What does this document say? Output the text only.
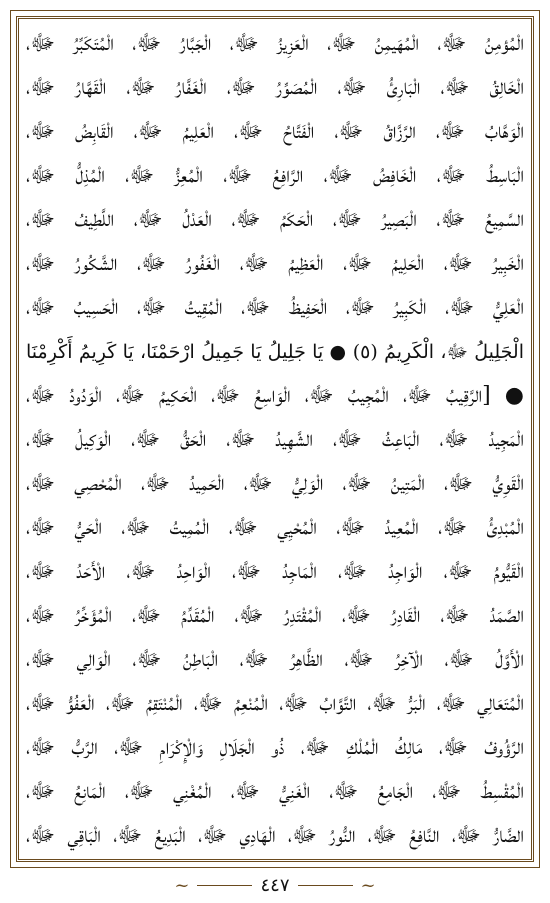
الْمُؤمِنُ ﷻ، الْمُهَيمِنُ ﷻ، الْعَزِيزُ ﷻ، الْجَبَّارُ ﷻ، الْمُتَكَبِّرُ ﷻ،
الْخَالِقُ ﷻ، الْبَارِئُ ﷻ، الْمُصَوِّرُ ﷻ، الْغَفَّارُ ﷻ، الْقَهَّارُ ﷻ،
الْوَهَّابُ ﷻ، الرَّزَّاقُ ﷻ، الْفَتَّاحُ ﷻ، الْعَلِيمُ ﷻ، الْقَابِضُ ﷻ،
الْبَاسِطُ ﷻ، الْخَافِضُ ﷻ، الرَّافِعُ ﷻ، الْمُعِزُّ ﷻ، الْمُذِلُّ ﷻ،
السَّمِيعُ ﷻ، الْبَصِيرُ ﷻ، الْحَكَمُ ﷻ، الْعَدْلُ ﷻ، اللَّطِيفُ ﷻ،
الْخَبِيرُ ﷻ، الْحَلِيمُ ﷻ، الْعَظِيمُ ﷻ، الْغَفُورُ ﷻ، الشَّكُورُ ﷻ،
الْعَلِيُّ ﷻ، الْكَبِيرُ ﷻ، الْحَفِيظُ ﷻ، الْمُقِيتُ ﷻ، الْحَسِيبُ ﷻ،
الْجَلِيلُ ﷻ، الْكَرِيمُ (٥) ● يَا جَلِيلُ يَا جَمِيلُ ارْحَمْنَا، يَا كَرِيمُ أَكْرِمْنَا
● [الرَّقِيبُ ﷻ، الْمُجِيبُ ﷻ، الْوَاسِعُ ﷻ، الْحَكِيمُ ﷻ، الْوَدُودُ ﷻ،
الْمَجِيدُ ﷻ، الْبَاعِثُ ﷻ، الشَّهِيدُ ﷻ، الْحَقُّ ﷻ، الْوَكِيلُ ﷻ،
الْقَوِيُّ ﷻ، الْمَتِينُ ﷻ، الْوَلِيُّ ﷻ، الْحَمِيدُ ﷻ، الْمُحْصِي ﷻ،
الْمُبْدِئُ ﷻ، الْمُعِيدُ ﷻ، الْمُحْيِي ﷻ، الْمُمِيتُ ﷻ، الْحَيُّ ﷻ،
الْقَيُّومُ ﷻ، الْوَاجِدُ ﷻ، الْمَاجِدُ ﷻ، الْوَاحِدُ ﷻ، الْأَحَدُ ﷻ،
الصَّمَدُ ﷻ، الْقَادِرُ ﷻ، الْمُقْتَدِرُ ﷻ، الْمُقَدِّمُ ﷻ، الْمُؤَخِّرُ ﷻ،
الْأَوَّلُ ﷻ، الْآخِرُ ﷻ، الظَّاهِرُ ﷻ، الْبَاطِنُ ﷻ، الْوَالِي ﷻ،
الْمُتَعَالِي ﷻ، الْبَرُّ ﷻ، التَّوَّابُ ﷻ، الْمُنْعِمُ ﷻ، الْمُنْتَقِمُ ﷻ، الْعَفُوُّ ﷻ،
الرَّؤُوفُ ﷻ، مَالِكُ الْمُلْكِ ﷻ، ذُو الْجَلَالِ وَالْإِكْرَامِ ﷻ، الرَّبُّ ﷻ،
الْمُقْسِطُ ﷻ، الْجَامِعُ ﷻ، الْغَنِيُّ ﷻ، الْمُغْنِي ﷻ، الْمَانِعُ ﷻ،
الضَّارُّ ﷻ، النَّافِعُ ﷻ، النُّورُ ﷻ، الْهَادِي ﷻ، الْبَدِيعُ ﷻ، الْبَاقِي ﷻ،
~	٤٤٧	~
